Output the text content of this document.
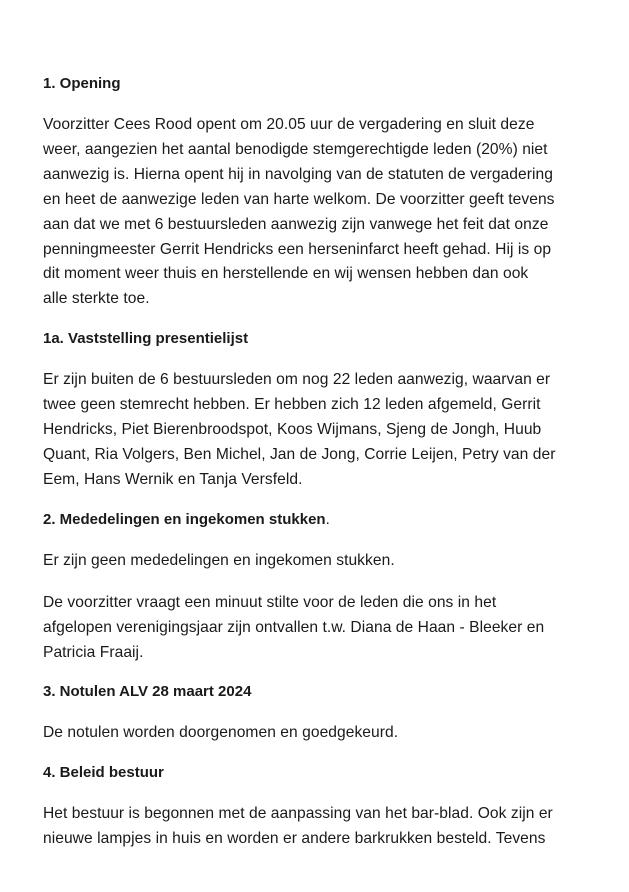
1. Opening
Voorzitter Cees Rood opent om 20.05 uur de vergadering en sluit deze
weer, aangezien het aantal benodigde stemgerechtigde leden (20%) niet
aanwezig is. Hierna opent hij in navolging van de statuten de vergadering
en heet de aanwezige leden van harte welkom. De voorzitter geeft tevens
aan dat we met 6 bestuursleden aanwezig zijn vanwege het feit dat onze
penningmeester Gerrit Hendricks een herseninfarct heeft gehad. Hij is op
dit moment weer thuis en herstellende en wij wensen hebben dan ook
alle sterkte toe.
1a. Vaststelling presentielijst
Er zijn buiten de 6 bestuursleden om nog 22 leden aanwezig, waarvan er
twee geen stemrecht hebben. Er hebben zich 12 leden afgemeld, Gerrit
Hendricks, Piet Bierenbroodspot, Koos Wijmans, Sjeng de Jongh, Huub
Quant, Ria Volgers, Ben Michel, Jan de Jong, Corrie Leijen, Petry van der
Eem, Hans Wernik en Tanja Versfeld.
2. Mededelingen en ingekomen stukken.
Er zijn geen mededelingen en ingekomen stukken.
De voorzitter vraagt een minuut stilte voor de leden die ons in het
afgelopen verenigingsjaar zijn ontvallen t.w. Diana de Haan - Bleeker en
Patricia Fraaij.
3. Notulen ALV 28 maart 2024
De notulen worden doorgenomen en goedgekeurd.
4. Beleid bestuur
Het bestuur is begonnen met de aanpassing van het bar-blad. Ook zijn er
nieuwe lampjes in huis en worden er andere barkrukken besteld. Tevens
